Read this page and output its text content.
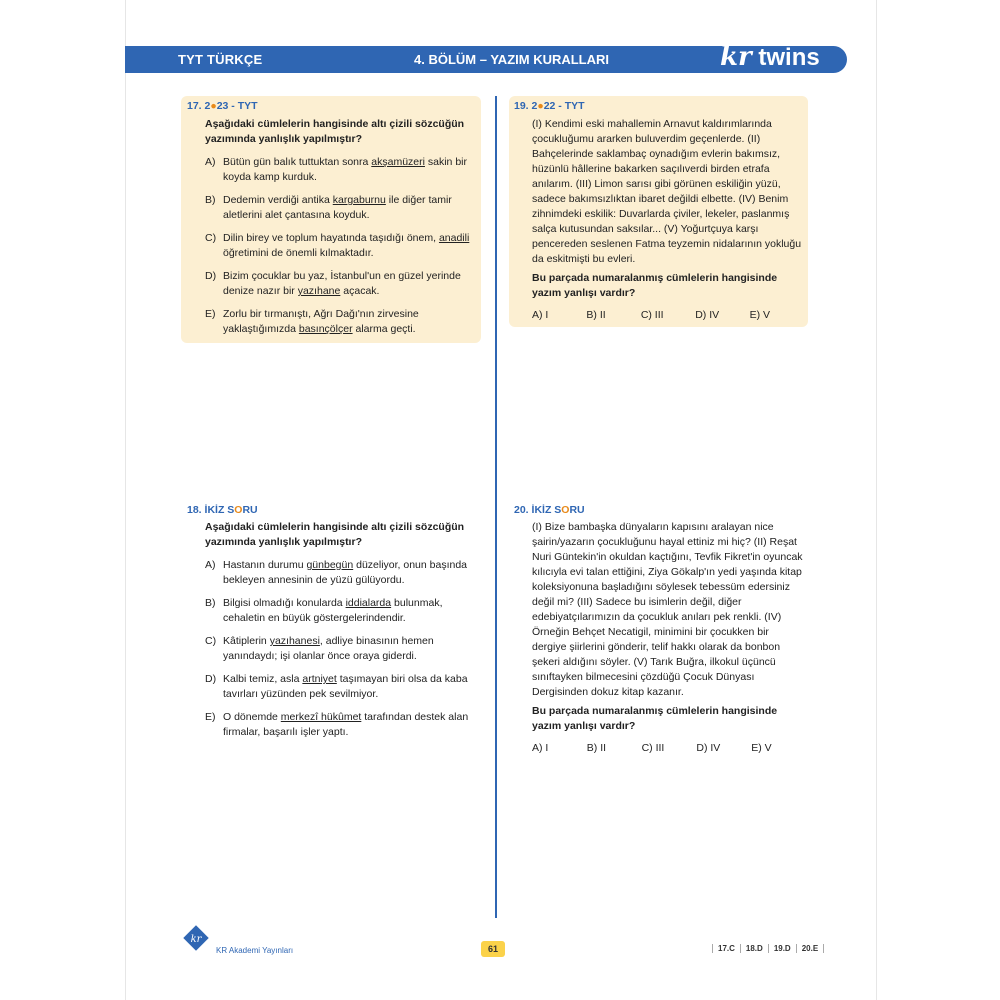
TYT TÜRKÇE	4. BÖLÜM – YAZIM KURALLARI	kr twins
17. 2●23 - TYT
Aşağıdaki cümlelerin hangisinde altı çizili sözcüğün yazımında yanlışlık yapılmıştır?
A) Bütün gün balık tuttuktan sonra akşamüzeri sakin bir koyda kamp kurduk.
B) Dedemin verdiği antika kargaburnu ile diğer tamir aletlerini alet çantasına koyduk.
C) Dilin birey ve toplum hayatında taşıdığı önem, anadili öğretimini de önemli kılmaktadır.
D) Bizim çocuklar bu yaz, İstanbul'un en güzel yerinde denize nazır bir yazıhane açacak.
E) Zorlu bir tırmanıştı, Ağrı Dağı'nın zirvesine yaklaştığımızda basınçölçer alarma geçti.
19. 2●22 - TYT
(I) Kendimi eski mahallemin Arnavut kaldırımlarında çocukluğumu ararken buluverdim geçenlerde. (II) Bahçelerinde saklambaç oynadığım evlerin bakımsız, hüzünlü hâllerine bakarken saçılıverdi birden etrafa anılarım. (III) Limon sarısı gibi görünen eskiliğin yüzü, sadece bakımsızlıktan ibaret değildi elbette. (IV) Benim zihnimdeki eskilik: Duvarlarda çiviler, lekeler, paslanmış salça kutusundan saksılar... (V) Yoğurtçuya karşı pencereden seslenen Fatma teyzemin nidalarının yokluğu da eskitmişti bu evleri.
Bu parçada numaralanmış cümlelerin hangisinde yazım yanlışı vardır?
A) I	B) II	C) III	D) IV	E) V
18. İKİZ SORU
Aşağıdaki cümlelerin hangisinde altı çizili sözcüğün yazımında yanlışlık yapılmıştır?
A) Hastanın durumu günbegün düzeliyor, onun başında bekleyen annesinin de yüzü gülüyordu.
B) Bilgisi olmadığı konularda iddialarda bulunmak, cehaletin en büyük göstergelerindendir.
C) Kâtiplerin yazıhanesi, adliye binasının hemen yanındaydı; işi olanlar önce oraya giderdi.
D) Kalbi temiz, asla artniyet taşımayan biri olsa da kaba tavırları yüzünden pek sevilmiyor.
E) O dönemde merkezî hükûmet tarafından destek alan firmalar, başarılı işler yaptı.
20. İKİZ SORU
(I) Bize bambaşka dünyaların kapısını aralayan nice şairin/yazarın çocukluğunu hayal ettiniz mi hiç? (II) Reşat Nuri Güntekin'in okuldan kaçtığını, Tevfik Fikret'in oyuncak kılıcıyla evi talan ettiğini, Ziya Gökalp'ın yedi yaşında kitap koleksiyonuna başladığını söylesek tebessüm edersiniz değil mi? (III) Sadece bu isimlerin değil, diğer edebiyatçılarımızın da çocukluk anıları pek renkli. (IV) Örneğin Behçet Necatigil, minimini bir çocukken bir dergiye şiirlerini gönderir, telif hakkı olarak da bonbon şekeri aldığını söyler. (V) Tarık Buğra, ilkokul üçüncü sınıftayken bilmecesini çözdüğü Çocuk Dünyası Dergisinden dokuz kitap kazanır.
Bu parçada numaralanmış cümlelerin hangisinde yazım yanlışı vardır?
A) I	B) II	C) III	D) IV	E) V
kr
KR Akademi Yayınları	61	17.C	18.D	19.D	20.E
